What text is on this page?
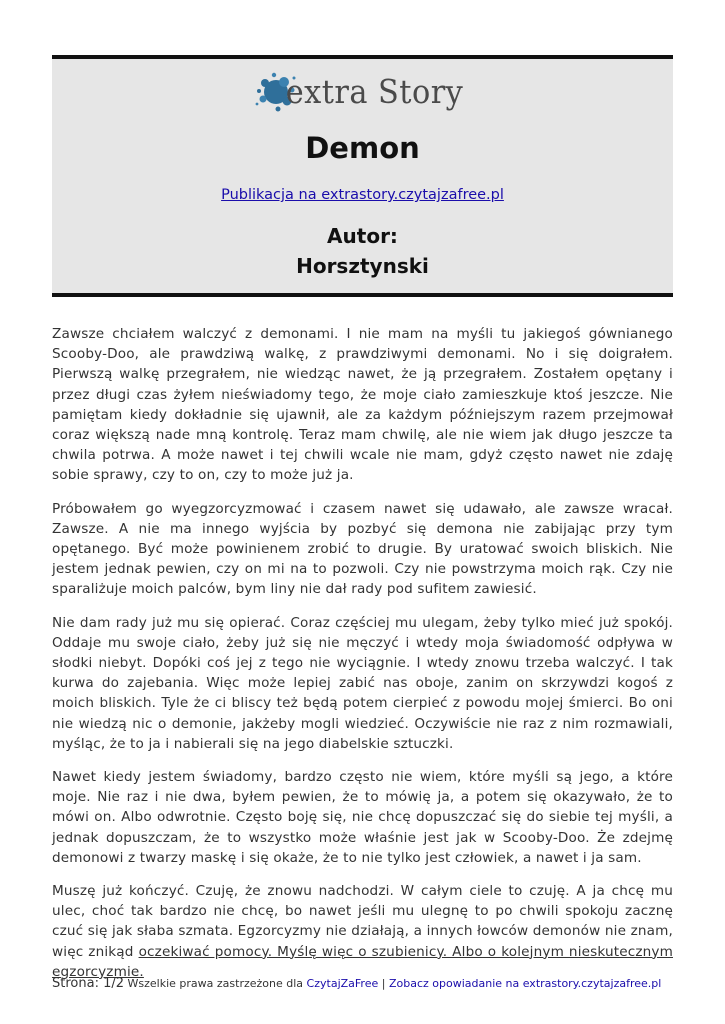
extra Story
Demon
Publikacja na extrastory.czytajzafree.pl
Autor:
Horsztynski

Zawsze chciałem walczyć z demonami. I nie mam na myśli tu jakiegoś gównianego Scooby-Doo, ale prawdziwą walkę, z prawdziwymi demonami. No i się doigrałem. Pierwszą walkę przegrałem, nie wiedząc nawet, że ją przegrałem. Zostałem opętany i przez długi czas żyłem nieświadomy tego, że moje ciało zamieszkuje ktoś jeszcze. Nie pamiętam kiedy dokładnie się ujawnił, ale za każdym późniejszym razem przejmował coraz większą nade mną kontrolę. Teraz mam chwilę, ale nie wiem jak długo jeszcze ta chwila potrwa. A może nawet i tej chwili wcale nie mam, gdyż często nawet nie zdaję sobie sprawy, czy to on, czy to może już ja.

Próbowałem go wyegzorcyzmować i czasem nawet się udawało, ale zawsze wracał. Zawsze. A nie ma innego wyjścia by pozbyć się demona nie zabijając przy tym opętanego. Być może powinienem zrobić to drugie. By uratować swoich bliskich. Nie jestem jednak pewien, czy on mi na to pozwoli. Czy nie powstrzyma moich rąk. Czy nie sparaliżuje moich palców, bym liny nie dał rady pod sufitem zawiesić.

Nie dam rady już mu się opierać. Coraz częściej mu ulegam, żeby tylko mieć już spokój. Oddaje mu swoje ciało, żeby już się nie męczyć i wtedy moja świadomość odpływa w słodki niebyt. Dopóki coś jej z tego nie wyciągnie. I wtedy znowu trzeba walczyć. I tak kurwa do zajebania. Więc może lepiej zabić nas oboje, zanim on skrzywdzi kogoś z moich bliskich. Tyle że ci bliscy też będą potem cierpieć z powodu mojej śmierci. Bo oni nie wiedzą nic o demonie, jakżeby mogli wiedzieć. Oczywiście nie raz z nim rozmawiali, myśląc, że to ja i nabierali się na jego diabelskie sztuczki.

Nawet kiedy jestem świadomy, bardzo często nie wiem, które myśli są jego, a które moje. Nie raz i nie dwa, byłem pewien, że to mówię ja, a potem się okazywało, że to mówi on. Albo odwrotnie. Często boję się, nie chcę dopuszczać się do siebie tej myśli, a jednak dopuszczam, że to wszystko może właśnie jest jak w Scooby-Doo. Że zdejmę demonowi z twarzy maskę i się okaże, że to nie tylko jest człowiek, a nawet i ja sam.

Muszę już kończyć. Czuję, że znowu nadchodzi. W całym ciele to czuję. A ja chcę mu ulec, choć tak bardzo nie chcę, bo nawet jeśli mu ulegnę to po chwili spokoju zacznę czuć się jak słaba szmata. Egzorcyzmy nie działają, a innych łowców demonów nie znam, więc znikąd oczekiwać pomocy. Myślę więc o szubienicy. Albo o kolejnym nieskutecznym egzorcyzmie.

Strona: 1/2 Wszelkie prawa zastrzeżone dla CzytajZaFree | Zobacz opowiadanie na extrastory.czytajzafree.pl
